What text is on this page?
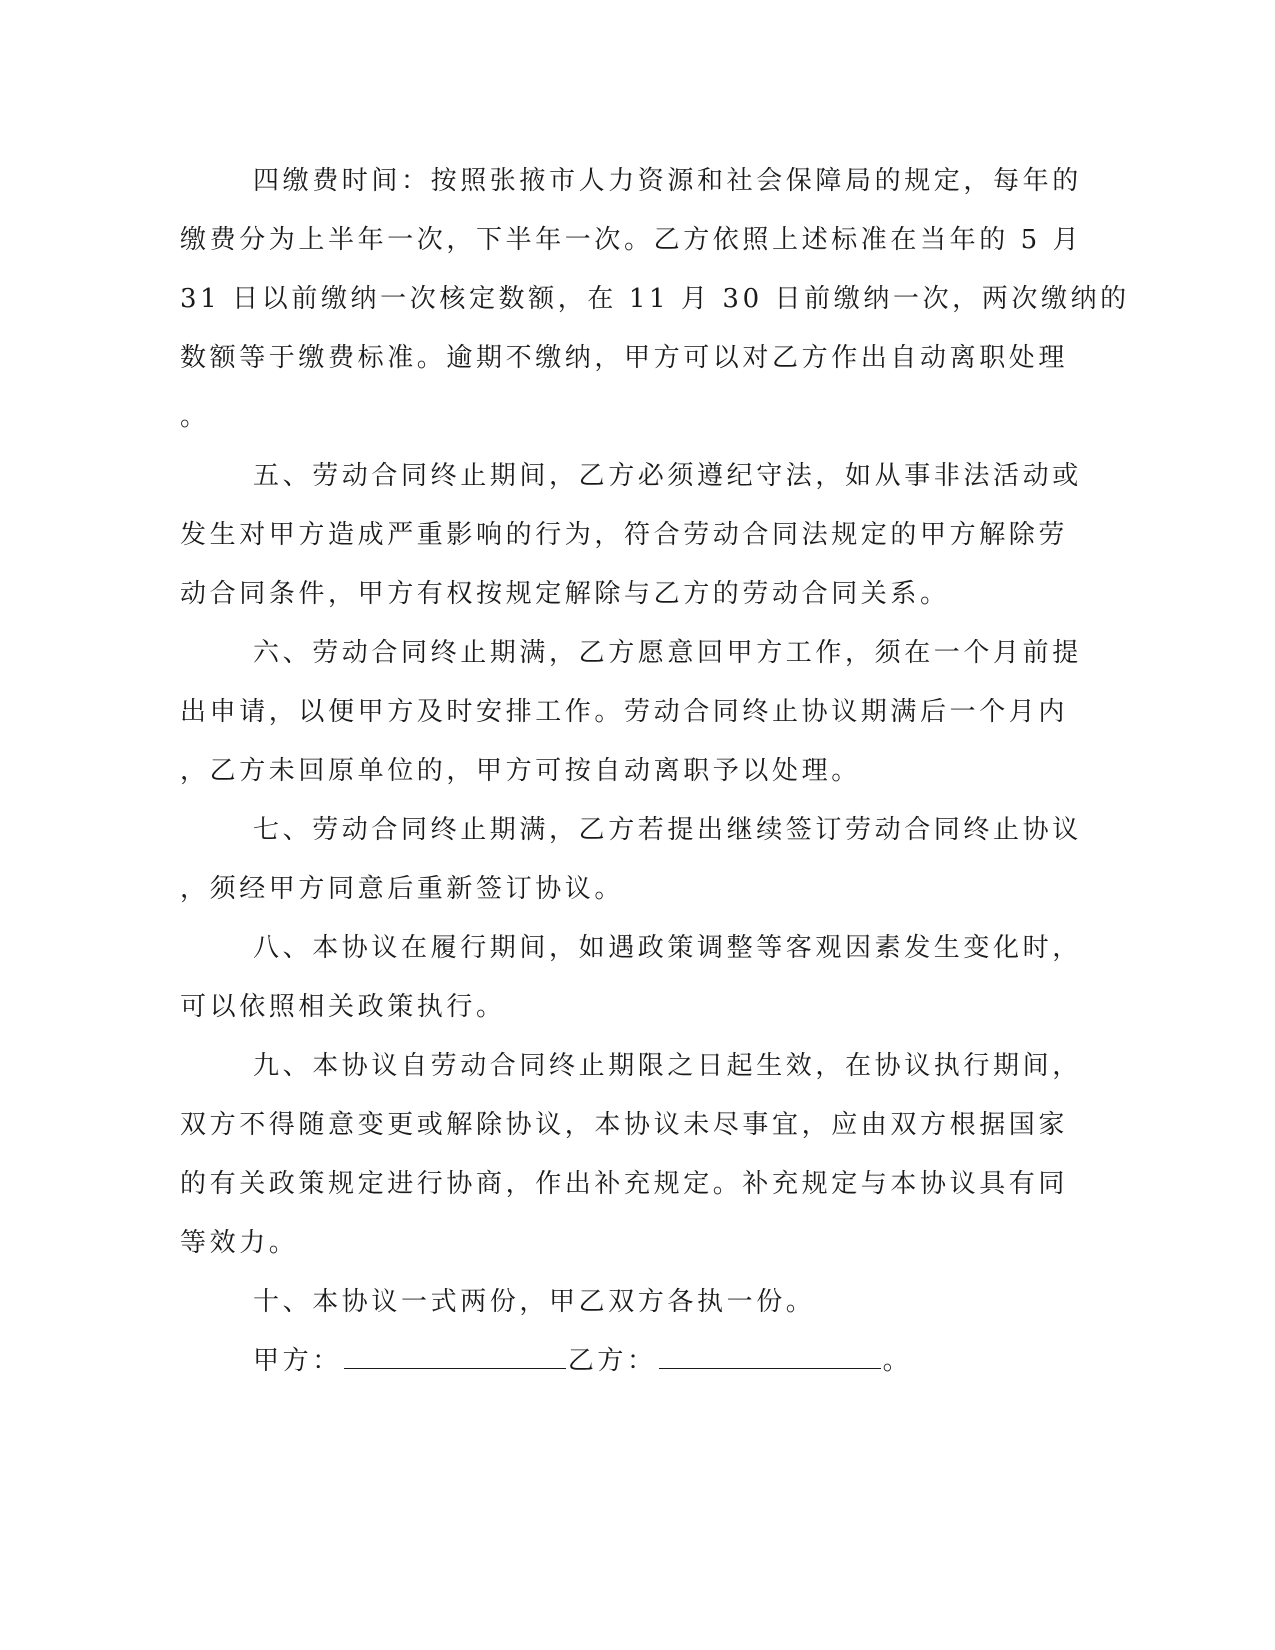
四缴费时间：按照张掖市人力资源和社会保障局的规定，每年的
缴费分为上半年一次，下半年一次。乙方依照上述标准在当年的 5 月
31 日以前缴纳一次核定数额，在 11 月 30 日前缴纳一次，两次缴纳的
数额等于缴费标准。逾期不缴纳，甲方可以对乙方作出自动离职处理
。
五、劳动合同终止期间，乙方必须遵纪守法，如从事非法活动或
发生对甲方造成严重影响的行为，符合劳动合同法规定的甲方解除劳
动合同条件，甲方有权按规定解除与乙方的劳动合同关系。
六、劳动合同终止期满，乙方愿意回甲方工作，须在一个月前提
出申请，以便甲方及时安排工作。劳动合同终止协议期满后一个月内
，乙方未回原单位的，甲方可按自动离职予以处理。
七、劳动合同终止期满，乙方若提出继续签订劳动合同终止协议
，须经甲方同意后重新签订协议。
八、本协议在履行期间，如遇政策调整等客观因素发生变化时，
可以依照相关政策执行。
九、本协议自劳动合同终止期限之日起生效，在协议执行期间，
双方不得随意变更或解除协议，本协议未尽事宜，应由双方根据国家
的有关政策规定进行协商，作出补充规定。补充规定与本协议具有同
等效力。
十、本协议一式两份，甲乙双方各执一份。
甲方：	乙方：	。
